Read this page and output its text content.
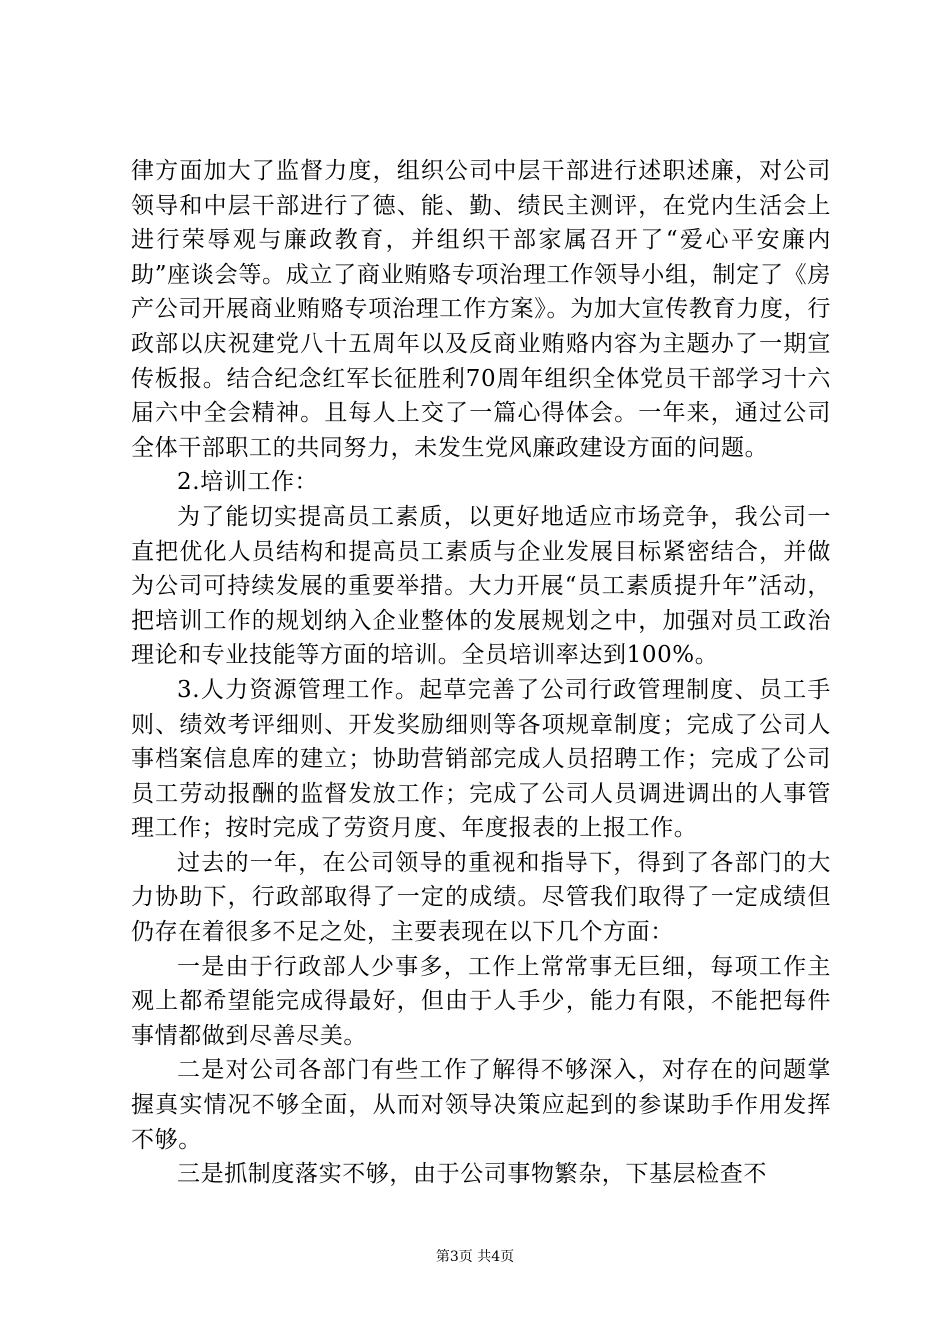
律方面加大了监督力度，组织公司中层干部进行述职述廉，对公司领导和中层干部进行了德、能、勤、绩民主测评，在党内生活会上进行荣辱观与廉政教育，并组织干部家属召开了“爱心平安廉内助”座谈会等。成立了商业贿赂专项治理工作领导小组，制定了《房产公司开展商业贿赂专项治理工作方案》。为加大宣传教育力度，行政部以庆祝建党八十五周年以及反商业贿赂内容为主题办了一期宣传板报。结合纪念红军长征胜利70周年组织全体党员干部学习十六届六中全会精神。且每人上交了一篇心得体会。一年来，通过公司全体干部职工的共同努力，未发生党风廉政建设方面的问题。

2.培训工作：

为了能切实提高员工素质，以更好地适应市场竞争，我公司一直把优化人员结构和提高员工素质与企业发展目标紧密结合，并做为公司可持续发展的重要举措。大力开展“员工素质提升年”活动，把培训工作的规划纳入企业整体的发展规划之中，加强对员工政治理论和专业技能等方面的培训。全员培训率达到100%。

3.人力资源管理工作。起草完善了公司行政管理制度、员工手则、绩效考评细则、开发奖励细则等各项规章制度；完成了公司人事档案信息库的建立；协助营销部完成人员招聘工作；完成了公司员工劳动报酬的监督发放工作；完成了公司人员调进调出的人事管理工作；按时完成了劳资月度、年度报表的上报工作。

过去的一年，在公司领导的重视和指导下，得到了各部门的大力协助下，行政部取得了一定的成绩。尽管我们取得了一定成绩但仍存在着很多不足之处，主要表现在以下几个方面：

一是由于行政部人少事多，工作上常常事无巨细，每项工作主观上都希望能完成得最好，但由于人手少，能力有限，不能把每件事情都做到尽善尽美。

二是对公司各部门有些工作了解得不够深入，对存在的问题掌握真实情况不够全面，从而对领导决策应起到的参谋助手作用发挥不够。

三是抓制度落实不够，由于公司事物繁杂，下基层检查不

第3页 共4页
